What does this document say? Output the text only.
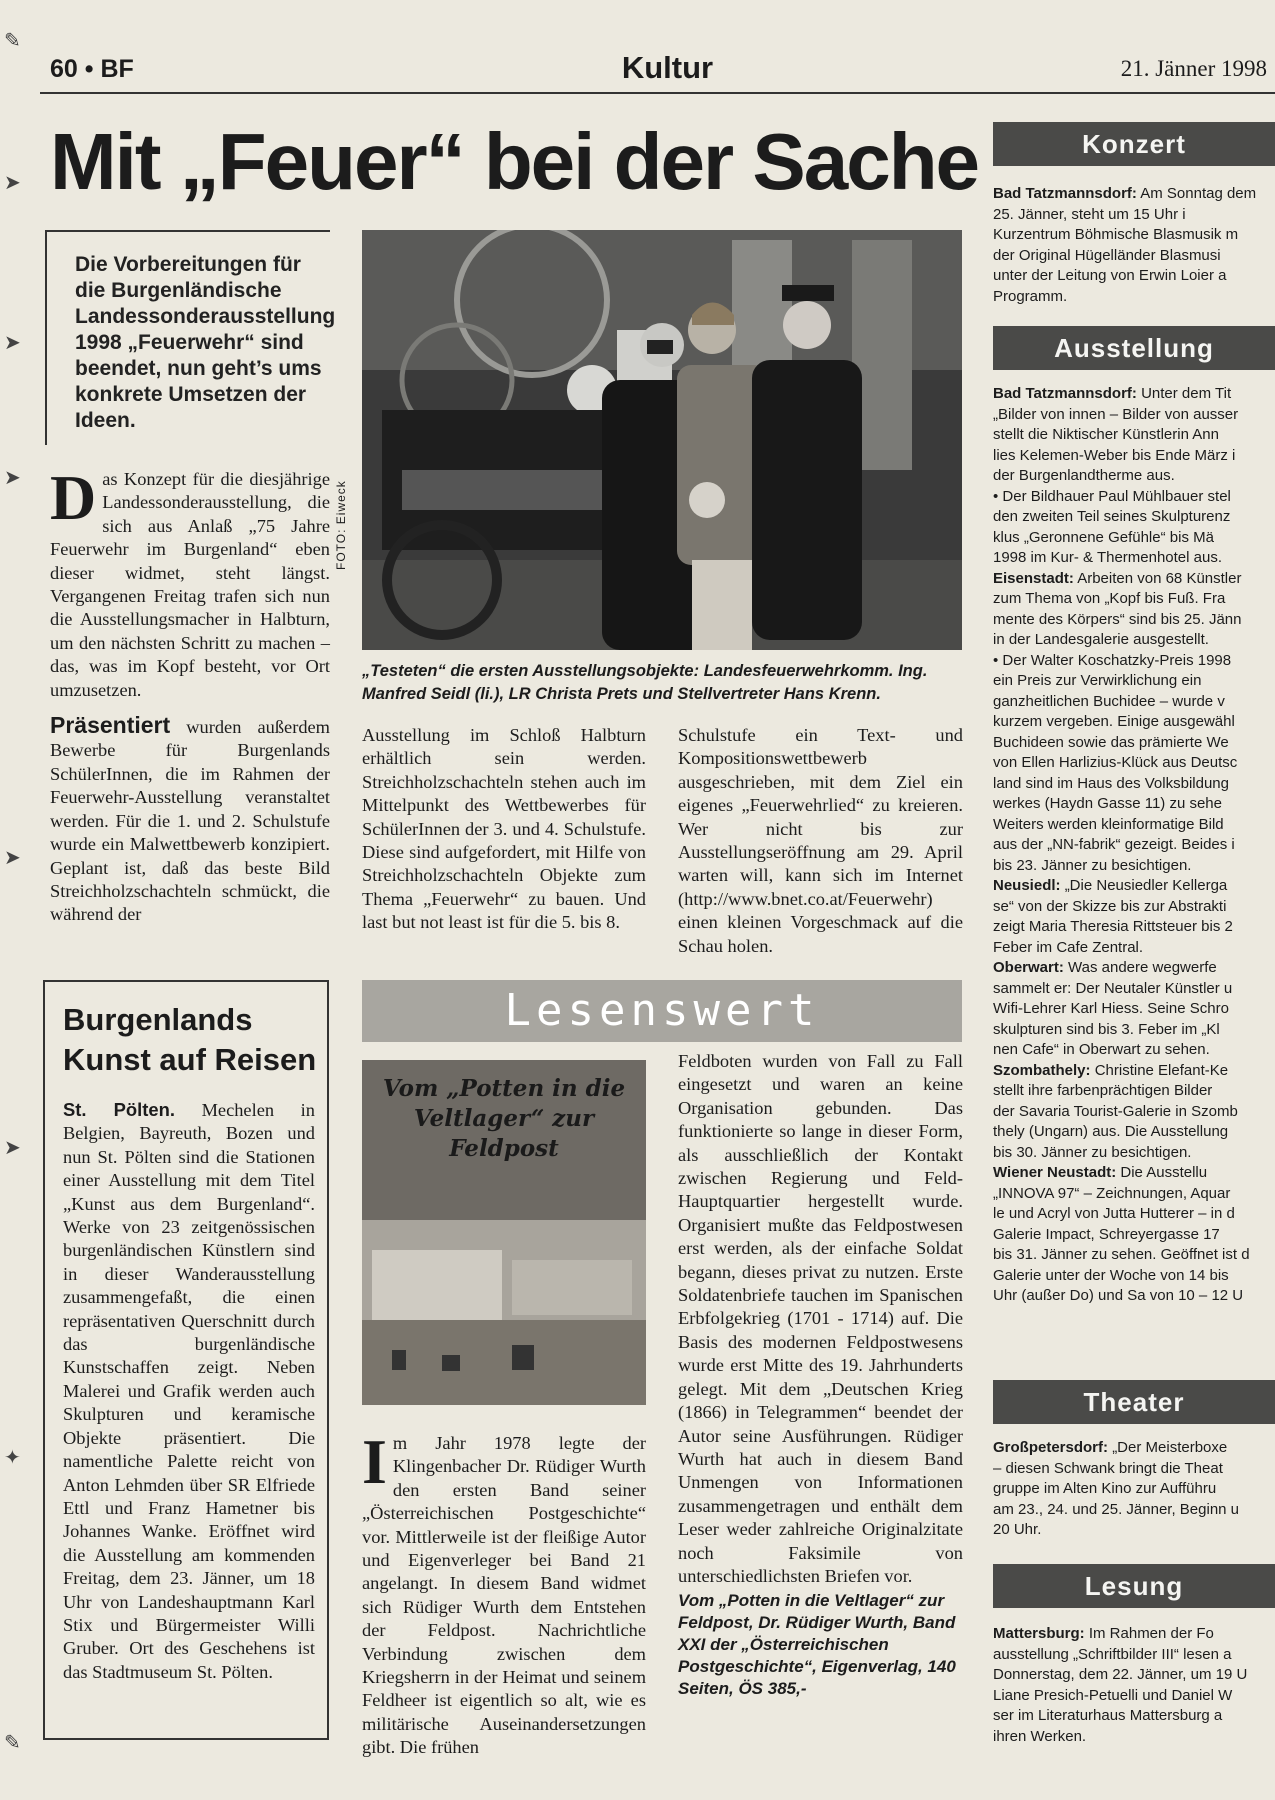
✎
➤
➤
➤
➤
➤
✦
✎
60 • BF	Kultur	21. Jänner 1998
Mit „Feuer“ bei der Sache
Die Vorbereitungen für die Burgenländische Landessonderausstellung 1998 „Feuerwehr“ sind beendet, nun geht’s ums konkrete Umsetzen der Ideen.
FOTO: Eiweck
„Testeten“ die ersten Ausstellungsobjekte: Landesfeuerwehrkomm. Ing. Manfred Seidl (li.), LR Christa Prets und Stellvertreter Hans Krenn.
Das Konzept für die diesjährige Landessonderausstellung, die sich aus Anlaß „75 Jahre Feuerwehr im Burgenland“ eben dieser widmet, steht längst. Vergangenen Freitag trafen sich nun die Ausstellungsmacher in Halbturn, um den nächsten Schritt zu machen – das, was im Kopf besteht, vor Ort umzusetzen.
Präsentiert wurden außerdem Bewerbe für Burgenlands SchülerInnen, die im Rahmen der Feuerwehr-Ausstellung veranstaltet werden. Für die 1. und 2. Schulstufe wurde ein Malwettbewerb konzipiert. Geplant ist, daß das beste Bild Streichholzschachteln schmückt, die während der
Ausstellung im Schloß Halbturn erhältlich sein werden. Streichholzschachteln stehen auch im Mittelpunkt des Wettbewerbes für SchülerInnen der 3. und 4. Schulstufe. Diese sind aufgefordert, mit Hilfe von Streichholzschachteln Objekte zum Thema „Feuerwehr“ zu bauen. Und last but not least ist für die 5. bis 8.
Schulstufe ein Text- und Kompositionswettbewerb ausgeschrieben, mit dem Ziel ein eigenes „Feuerwehrlied“ zu kreieren. Wer nicht bis zur Ausstellungseröffnung am 29. April warten will, kann sich im Internet (http://www.bnet.co.at/Feuerwehr) einen kleinen Vorgeschmack auf die Schau holen.
Burgenlands Kunst auf Reisen
St. Pölten. Mechelen in Belgien, Bayreuth, Bozen und nun St. Pölten sind die Stationen einer Ausstellung mit dem Titel „Kunst aus dem Burgenland“. Werke von 23 zeitgenössischen burgenländischen Künstlern sind in dieser Wanderausstellung zusammengefaßt, die einen repräsentativen Querschnitt durch das burgenländische Kunstschaffen zeigt. Neben Malerei und Grafik werden auch Skulpturen und keramische Objekte präsentiert. Die namentliche Palette reicht von Anton Lehmden über SR Elfriede Ettl und Franz Hametner bis Johannes Wanke. Eröffnet wird die Ausstellung am kommenden Freitag, dem 23. Jänner, um 18 Uhr von Landeshauptmann Karl Stix und Bürgermeister Willi Gruber. Ort des Geschehens ist das Stadtmuseum St. Pölten.
Lesenswert
Vom „Potten in die Veltlager“ zur Feldpost
Im Jahr 1978 legte der Klingenbacher Dr. Rüdiger Wurth den ersten Band seiner „Österreichischen Postgeschichte“ vor. Mittlerweile ist der fleißige Autor und Eigenverleger bei Band 21 angelangt. In diesem Band widmet sich Rüdiger Wurth dem Entstehen der Feldpost. Nachrichtliche Verbindung zwischen dem Kriegsherrn in der Heimat und seinem Feldheer ist eigentlich so alt, wie es militärische Auseinandersetzungen gibt. Die frühen
Feldboten wurden von Fall zu Fall eingesetzt und waren an keine Organisation gebunden. Das funktionierte so lange in dieser Form, als ausschließlich der Kontakt zwischen Regierung und Feld-Hauptquartier hergestellt wurde. Organisiert mußte das Feldpostwesen erst werden, als der einfache Soldat begann, dieses privat zu nutzen. Erste Soldatenbriefe tauchen im Spanischen Erbfolgekrieg (1701 - 1714) auf. Die Basis des modernen Feldpostwesens wurde erst Mitte des 19. Jahrhunderts gelegt. Mit dem „Deutschen Krieg (1866) in Telegrammen“ beendet der Autor seine Ausführungen. Rüdiger Wurth hat auch in diesem Band Unmengen von Informationen zusammengetragen und enthält dem Leser weder zahlreiche Originalzitate noch Faksimile von unterschiedlichsten Briefen vor.
Vom „Potten in die Veltlager“ zur Feldpost, Dr. Rüdiger Wurth, Band XXI der „Österreichischen Postgeschichte“, Eigenverlag, 140 Seiten, ÖS 385,-
Konzert
Bad Tatzmannsdorf: Am Sonntag dem 25. Jänner, steht um 15 Uhr i
Kurzentrum Böhmische Blasmusik m
der Original Hügelländer Blasmusi
unter der Leitung von Erwin Loier a
Programm.
Ausstellung
Bad Tatzmannsdorf: Unter dem Tit
„Bilder von innen – Bilder von ausser
stellt die Niktischer Künstlerin Ann
lies Kelemen-Weber bis Ende März i
der Burgenlandtherme aus.
• Der Bildhauer Paul Mühlbauer stel
den zweiten Teil seines Skulpturenz
klus „Geronnene Gefühle“ bis Mä
1998 im Kur- & Thermenhotel aus.
Eisenstadt: Arbeiten von 68 Künstler
zum Thema von „Kopf bis Fuß. Fra
mente des Körpers“ sind bis 25. Jänn
in der Landesgalerie ausgestellt.
• Der Walter Koschatzky-Preis 1998
ein Preis zur Verwirklichung ein
ganzheitlichen Buchidee – wurde v
kurzem vergeben. Einige ausgewähl
Buchideen sowie das prämierte We
von Ellen Harlizius-Klück aus Deutsc
land sind im Haus des Volksbildung
werkes (Haydn Gasse 11) zu sehe
Weiters werden kleinformatige Bild
aus der „NN-fabrik“ gezeigt. Beides i
bis 23. Jänner zu besichtigen.
Neusiedl: „Die Neusiedler Kellerga
se“ von der Skizze bis zur Abstrakti
zeigt Maria Theresia Rittsteuer bis 2
Feber im Cafe Zentral.
Oberwart: Was andere wegwerfe
sammelt er: Der Neutaler Künstler u
Wifi-Lehrer Karl Hiess. Seine Schro
skulpturen sind bis 3. Feber im „Kl
nen Cafe“ in Oberwart zu sehen.
Szombathely: Christine Elefant-Ke
stellt ihre farbenprächtigen Bilder
der Savaria Tourist-Galerie in Szomb
thely (Ungarn) aus. Die Ausstellung
bis 30. Jänner zu besichtigen.
Wiener Neustadt: Die Ausstellu
„INNOVA 97“ – Zeichnungen, Aquar
le und Acryl von Jutta Hutterer – in d
Galerie Impact, Schreyergasse 17
bis 31. Jänner zu sehen. Geöffnet ist d
Galerie unter der Woche von 14 bis
Uhr (außer Do) und Sa von 10 – 12 U
Theater
Großpetersdorf: „Der Meisterboxe
– diesen Schwank bringt die Theat
gruppe im Alten Kino zur Aufführu
am 23., 24. und 25. Jänner, Beginn u
20 Uhr.
Lesung
Mattersburg: Im Rahmen der Fo
ausstellung „Schriftbilder III“ lesen a
Donnerstag, dem 22. Jänner, um 19 U
Liane Presich-Petuelli und Daniel W
ser im Literaturhaus Mattersburg a
ihren Werken.
